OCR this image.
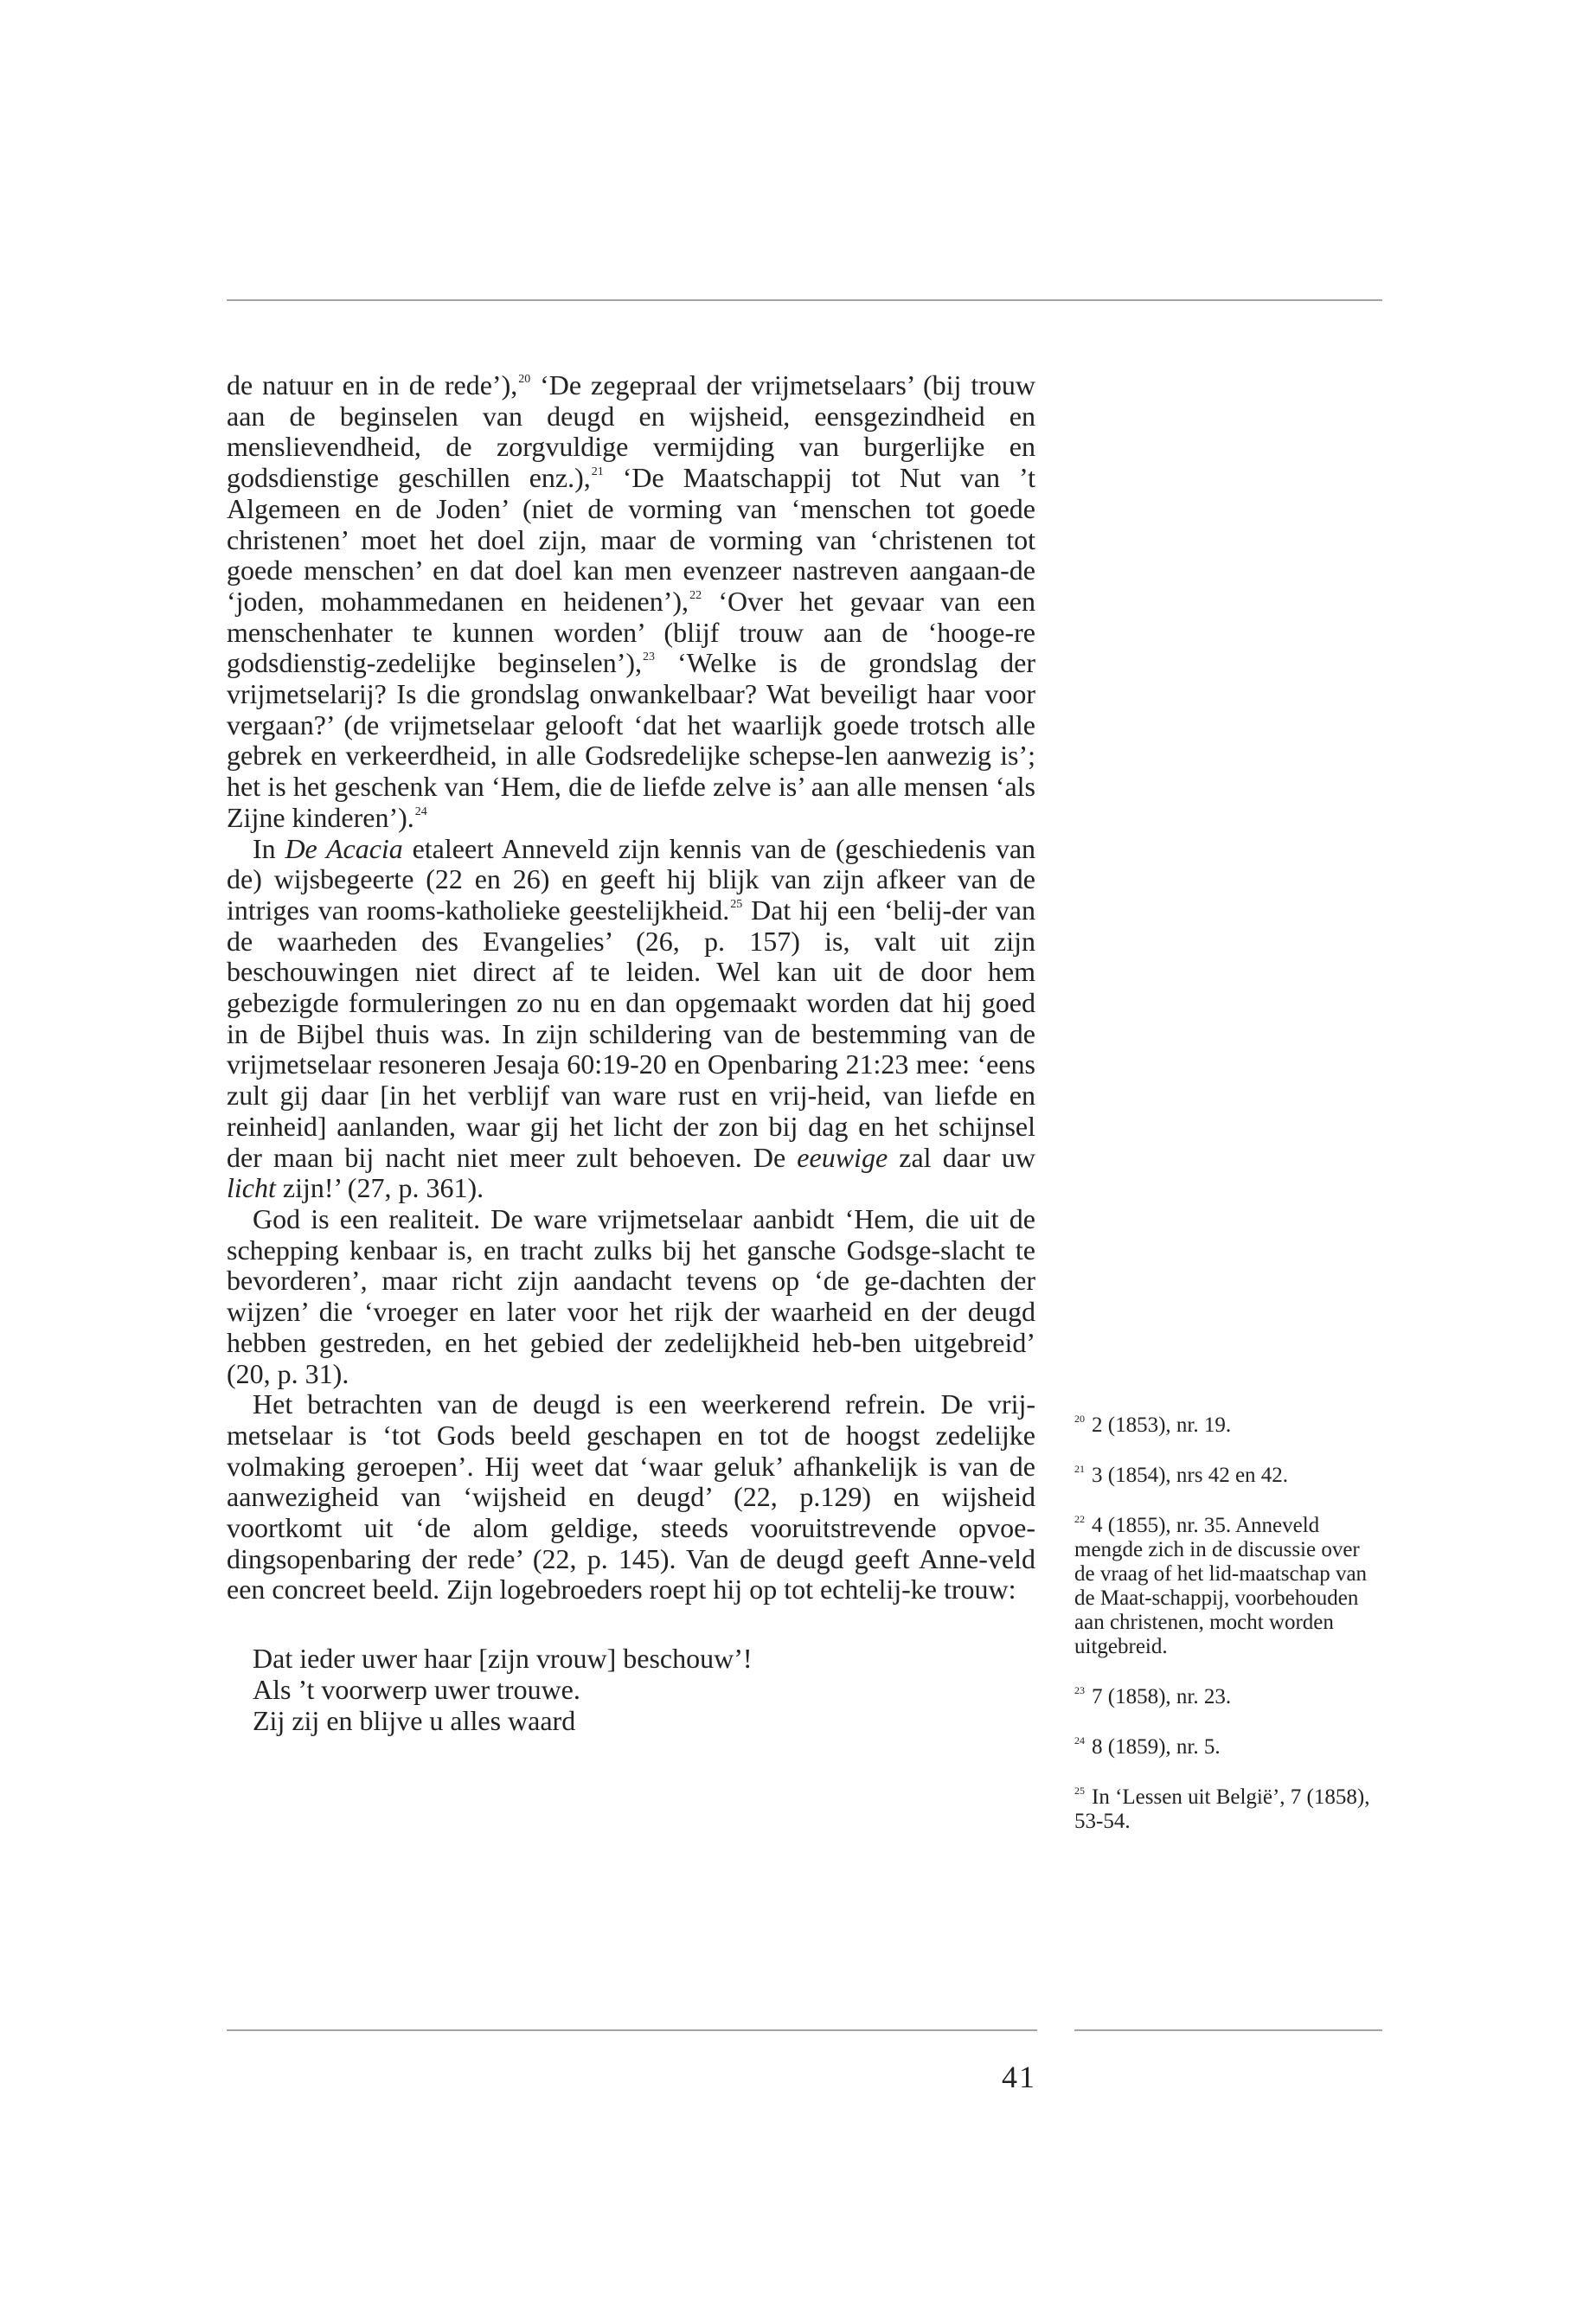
de natuur en in de rede’),$^{20}$ ‘De zegepraal der vrijmetselaars’ (bij trouw aan de beginselen van deugd en wijsheid, eensgezindheid en menslievendheid, de zorgvuldige vermijding van burgerlijke en godsdienstige geschillen enz.),$^{21}$ ‘De Maatschappij tot Nut van ’t Algemeen en de Joden’ (niet de vorming van ‘menschen tot goede christenen’ moet het doel zijn, maar de vorming van ‘christenen tot goede menschen’ en dat doel kan men evenzeer nastreven aangaan-de ‘joden, mohammedanen en heidenen’),$^{22}$ ‘Over het gevaar van een menschenhater te kunnen worden’ (blijf trouw aan de ‘hooge-re godsdienstig-zedelijke beginselen’),$^{23}$ ‘Welke is de grondslag der vrijmetselarij? Is die grondslag onwankelbaar? Wat beveiligt haar voor vergaan?’ (de vrijmetselaar gelooft ‘dat het waarlijk goede trotsch alle gebrek en verkeerdheid, in alle Godsredelijke schepse-len aanwezig is’; het is het geschenk van ‘Hem, die de liefde zelve is’ aan alle mensen ‘als Zijne kinderen’).$^{24}$

In De Acacia etaleert Anneveld zijn kennis van de (geschiedenis van de) wijsbegeerte (22 en 26) en geeft hij blijk van zijn afkeer van de intriges van rooms-katholieke geestelijkheid.$^{25}$ Dat hij een ‘belij-der van de waarheden des Evangelies’ (26, p. 157) is, valt uit zijn beschouwingen niet direct af te leiden. Wel kan uit de door hem gebezigde formuleringen zo nu en dan opgemaakt worden dat hij goed in de Bijbel thuis was. In zijn schildering van de bestemming van de vrijmetselaar resoneren Jesaja 60:19-20 en Openbaring 21:23 mee: ‘eens zult gij daar [in het verblijf van ware rust en vrij-heid, van liefde en reinheid] aanlanden, waar gij het licht der zon bij dag en het schijnsel der maan bij nacht niet meer zult behoeven. De eeuwige zal daar uw licht zijn!’ (27, p. 361).

God is een realiteit. De ware vrijmetselaar aanbidt ‘Hem, die uit de schepping kenbaar is, en tracht zulks bij het gansche Godsge-slacht te bevorderen’, maar richt zijn aandacht tevens op ‘de ge-dachten der wijzen’ die ‘vroeger en later voor het rijk der waarheid en der deugd hebben gestreden, en het gebied der zedelijkheid heb-ben uitgebreid’ (20, p. 31).

Het betrachten van de deugd is een weerkerend refrein. De vrij-metselaar is ‘tot Gods beeld geschapen en tot de hoogst zedelijke volmaking geroepen’. Hij weet dat ‘waar geluk’ afhankelijk is van de aanwezigheid van ‘wijsheid en deugd’ (22, p.129) en wijsheid voortkomt uit ‘de alom geldige, steeds vooruitstrevende opvoe-dingsopenbaring der rede’ (22, p. 145). Van de deugd geeft Anne-veld een concreet beeld. Zijn logebroeders roept hij op tot echtelij-ke trouw:

Dat ieder uwer haar [zijn vrouw] beschouw’!
Als ’t voorwerp uwer trouwe.
Zij zij en blijve u alles waard
$^{20}$ 2 (1853), nr. 19.
$^{21}$ 3 (1854), nrs 42 en 42.
$^{22}$ 4 (1855), nr. 35. Anneveld mengde zich in de discussie over de vraag of het lid-maatschap van de Maat-schappij, voorbehouden aan christenen, mocht worden uitgebreid.
$^{23}$ 7 (1858), nr. 23.
$^{24}$ 8 (1859), nr. 5.
$^{25}$ In ‘Lessen uit België’, 7 (1858), 53-54.
41
